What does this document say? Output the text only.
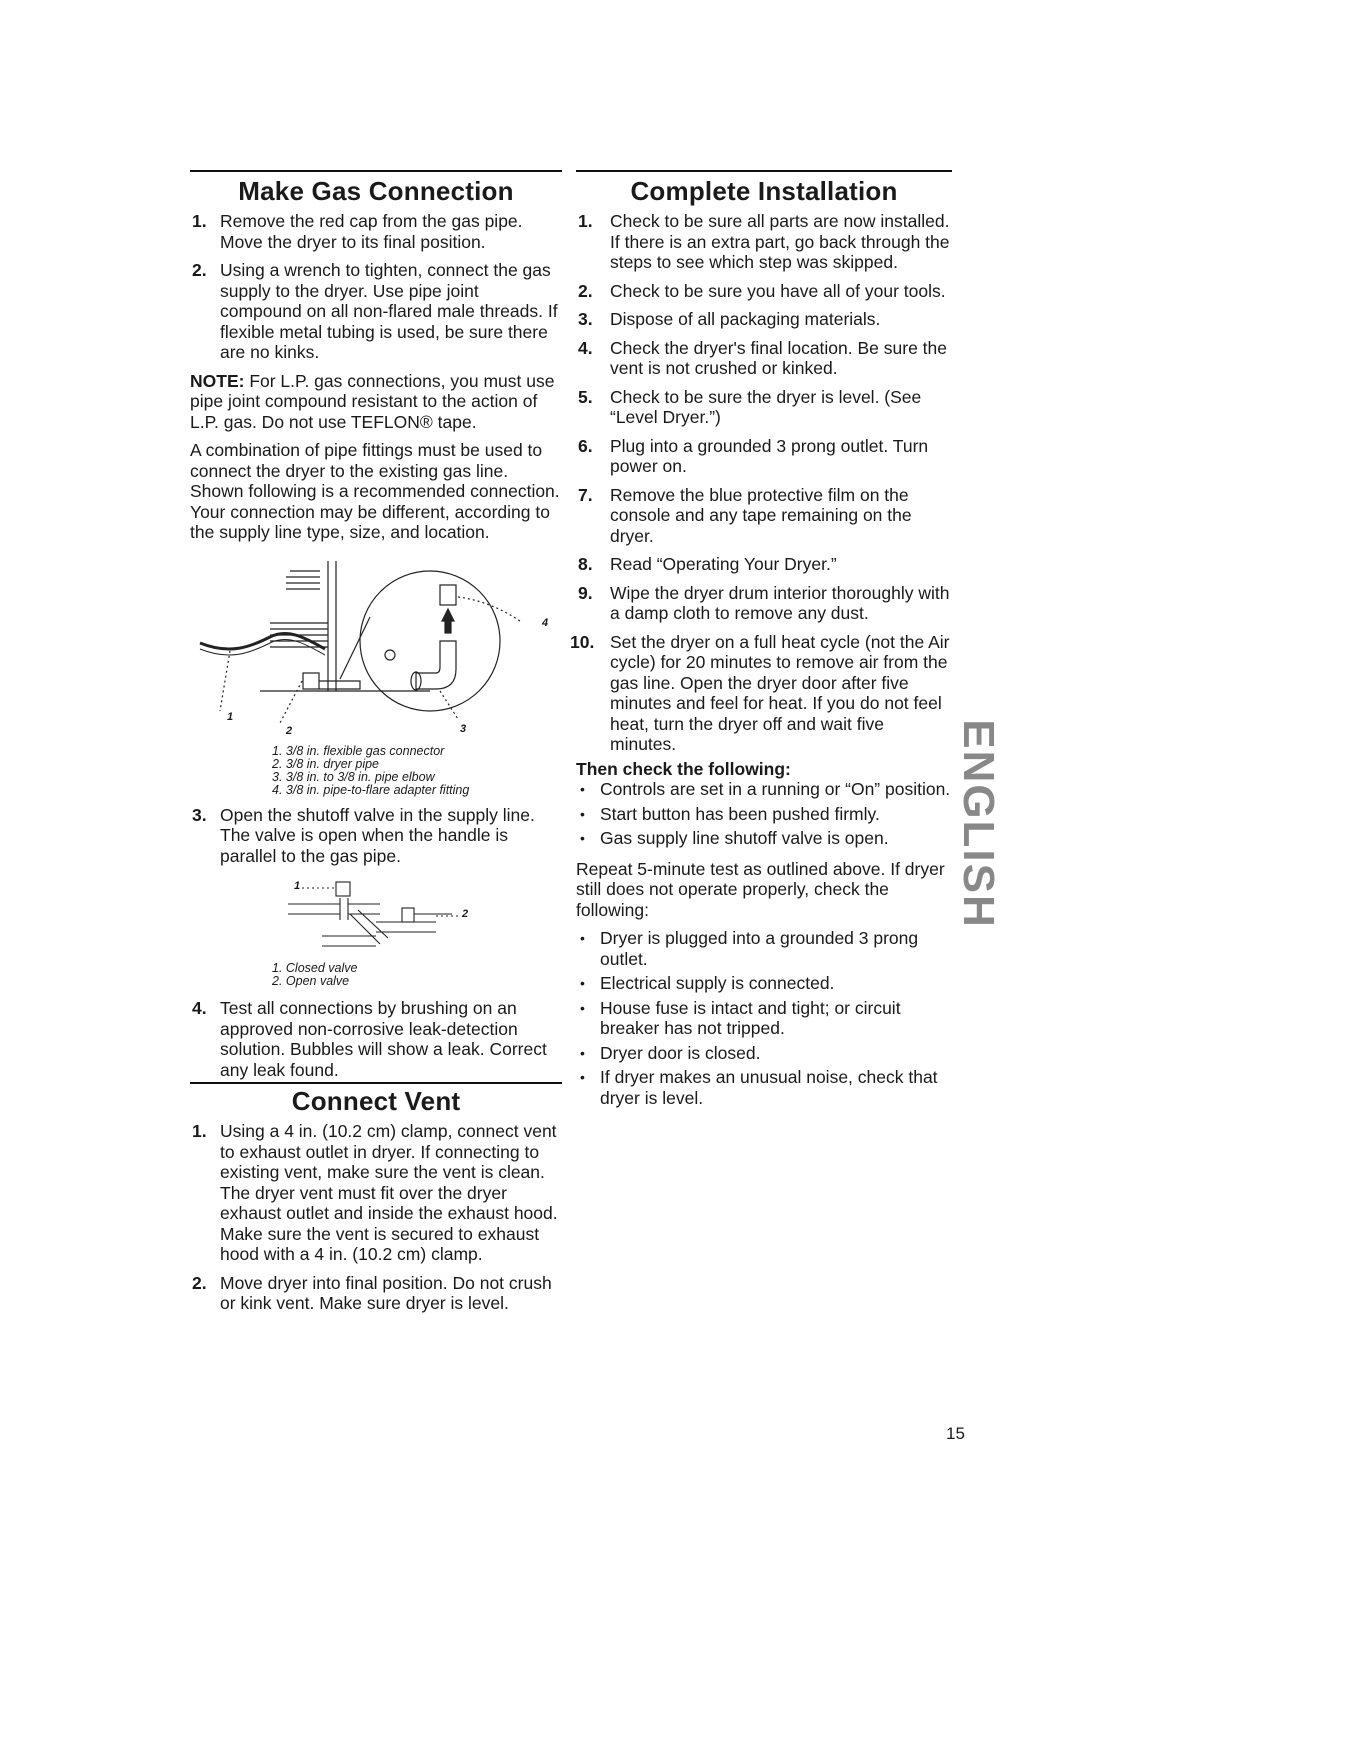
Make Gas Connection
1. Remove the red cap from the gas pipe. Move the dryer to its final position.
2. Using a wrench to tighten, connect the gas supply to the dryer. Use pipe joint compound on all non-flared male threads. If flexible metal tubing is used, be sure there are no kinks.

NOTE: For L.P. gas connections, you must use pipe joint compound resistant to the action of L.P. gas. Do not use TEFLON® tape.

A combination of pipe fittings must be used to connect the dryer to the existing gas line. Shown following is a recommended connection. Your connection may be different, according to the supply line type, size, and location.

1
2	3
4
1. 3/8 in. flexible gas connector
2. 3/8 in. dryer pipe
3. 3/8 in. to 3/8 in. pipe elbow
4. 3/8 in. pipe-to-flare adapter fitting
3. Open the shutoff valve in the supply line. The valve is open when the handle is parallel to the gas pipe.
1
2
1. Closed valve
2. Open valve
4. Test all connections by brushing on an approved non-corrosive leak-detection solution. Bubbles will show a leak. Correct any leak found.
Connect Vent
1. Using a 4 in. (10.2 cm) clamp, connect vent to exhaust outlet in dryer. If connecting to existing vent, make sure the vent is clean. The dryer vent must fit over the dryer exhaust outlet and inside the exhaust hood. Make sure the vent is secured to exhaust hood with a 4 in. (10.2 cm) clamp.
2. Move dryer into final position. Do not crush or kink vent. Make sure dryer is level.
Complete Installation
1. Check to be sure all parts are now installed. If there is an extra part, go back through the steps to see which step was skipped.
2. Check to be sure you have all of your tools.
3. Dispose of all packaging materials.
4. Check the dryer's final location. Be sure the vent is not crushed or kinked.
5. Check to be sure the dryer is level. (See “Level Dryer.”)
6. Plug into a grounded 3 prong outlet. Turn power on.
7. Remove the blue protective film on the console and any tape remaining on the dryer.
8. Read “Operating Your Dryer.”
9. Wipe the dryer drum interior thoroughly with a damp cloth to remove any dust.
10. Set the dryer on a full heat cycle (not the Air cycle) for 20 minutes to remove air from the gas line. Open the dryer door after five minutes and feel for heat. If you do not feel heat, turn the dryer off and wait five minutes.
Then check the following:
• Controls are set in a running or “On” position.
• Start button has been pushed firmly.
• Gas supply line shutoff valve is open.

Repeat 5-minute test as outlined above. If dryer still does not operate properly, check the following:

• Dryer is plugged into a grounded 3 prong outlet.
• Electrical supply is connected.
• House fuse is intact and tight; or circuit breaker has not tripped.
• Dryer door is closed.
• If dryer makes an unusual noise, check that dryer is level.
ENGLISH
15
